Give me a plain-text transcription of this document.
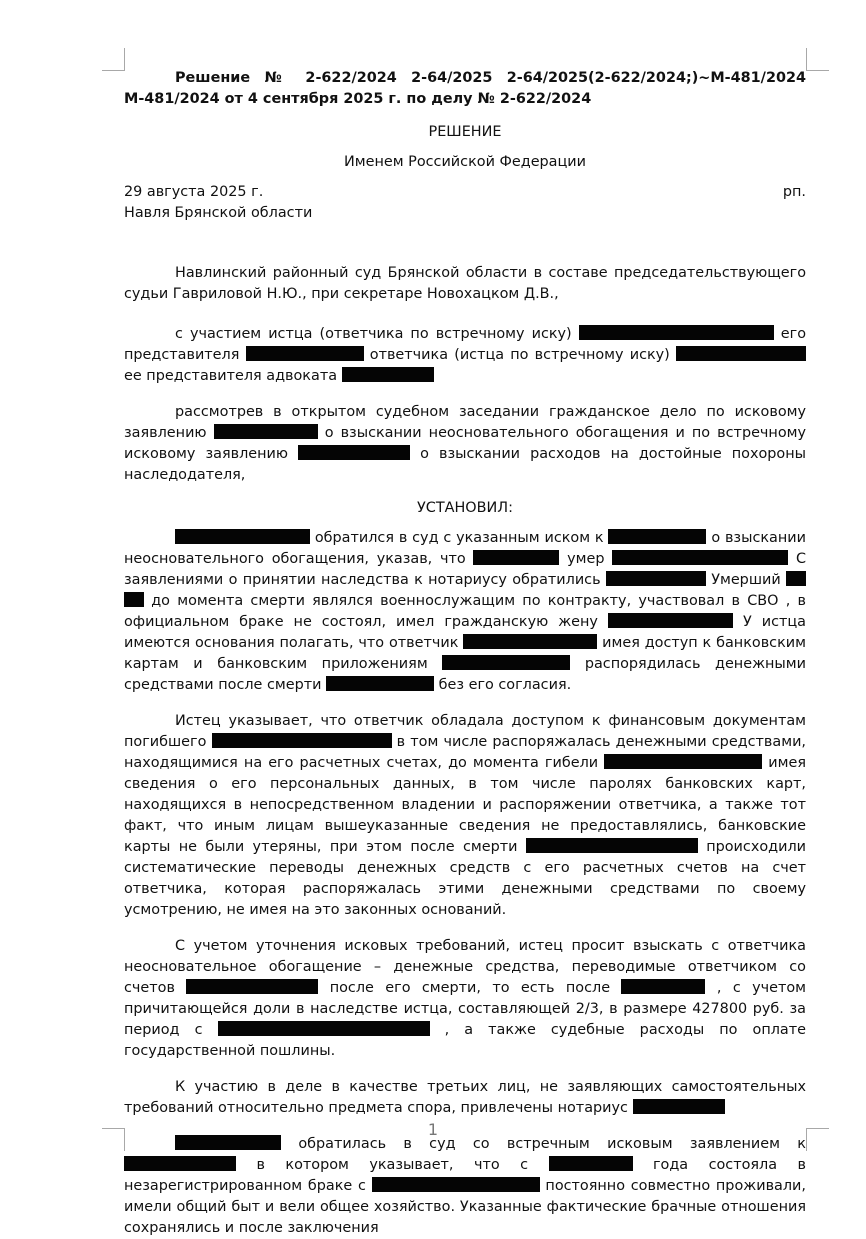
Решение № 2-622/2024 2-64/2025 2-64/2025(2-622/2024;)~М-481/2024 М-481/2024 от 4 сентября 2025 г. по делу № 2-622/2024

РЕШЕНИЕ

Именем Российской Федерации

29 августа 2025 г.	рп.
Навля Брянской области

Навлинский районный суд Брянской области в составе председательствующего судьи Гавриловой Н.Ю., при секретаре Новохацком Д.В.,

с участием истца (ответчика по встречному иску)	его представителя	ответчика (истца по встречному иску)  ее представителя адвоката

рассмотрев в открытом судебном заседании гражданское дело по исковому заявлению	о взыскании неосновательного обогащения и по встречному исковому заявлению	о взыскании расходов на достойные похороны наследодателя,

УСТАНОВИЛ:

обратился в суд с указанным иском к	о взыскании неосновательного обогащения, указав, что	умер	С заявлениями о принятии наследства к нотариусу обратились	Умерший   до момента смерти являлся военнослужащим по контракту, участвовал в СВО , в официальном браке не состоял, имел гражданскую жену	У истца имеются основания полагать, что ответчик	имея доступ к банковским картам и банковским приложениям	распорядилась денежными средствами после смерти	без его согласия.

Истец указывает, что ответчик обладала доступом к финансовым документам погибшего	в том числе распоряжалась денежными средствами, находящимися на его расчетных счетах, до момента гибели	имея сведения о его персональных данных, в том числе паролях банковских карт, находящихся в непосредственном владении и распоряжении ответчика, а также тот факт, что иным лицам вышеуказанные сведения не предоставлялись, банковские карты не были утеряны, при этом после смерти	происходили систематические переводы денежных средств с его расчетных счетов на счет ответчика, которая распоряжалась этими денежными средствами по своему усмотрению, не имея на это законных оснований.

С учетом уточнения исковых требований, истец просит взыскать с ответчика неосновательное обогащение – денежные средства, переводимые ответчиком со счетов	после его смерти, то есть после	, с учетом причитающейся доли в наследстве истца, составляющей 2/3, в размере 427800 руб. за период с	, а также судебные расходы по оплате государственной пошлины.

К участию в деле в качестве третьих лиц, не заявляющих самостоятельных требований относительно предмета спора, привлечены нотариус

обратилась в суд со встречным исковым заявлением к  в котором указывает, что с	года состояла в незарегистрированном браке с	постоянно совместно проживали, имели общий быт и вели общее хозяйство. Указанные фактические брачные отношения сохранялись и после заключения

1
